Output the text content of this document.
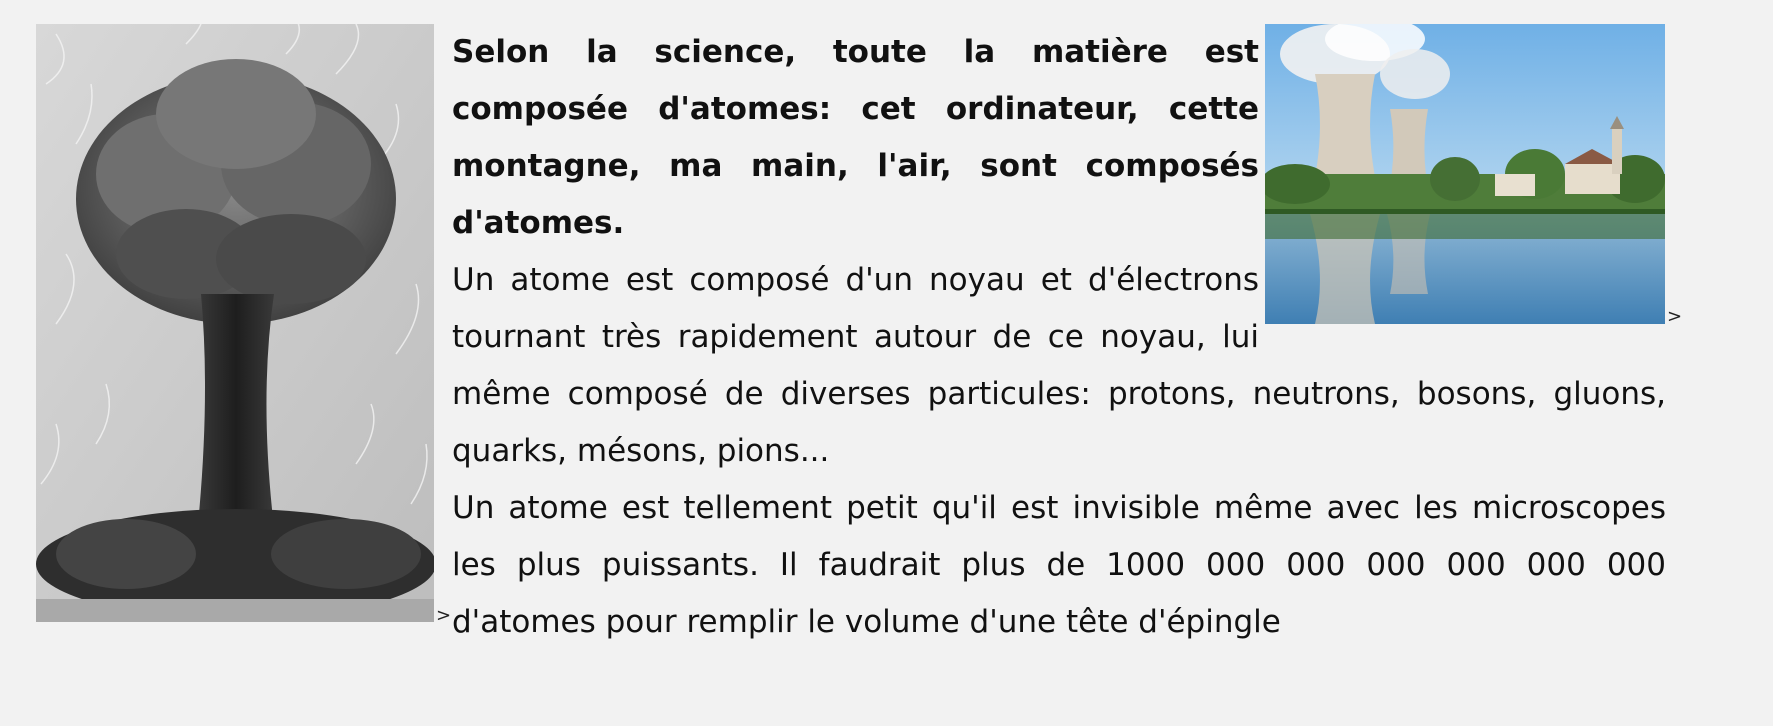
>
>

Selon la science, toute la matière est composée d'atomes: cet ordinateur, cette montagne, ma main, l'air, sont composés d'atomes.

Un atome est composé d'un noyau et d'électrons tournant très rapidement autour de ce noyau, lui même composé de diverses particules: protons, neutrons, bosons, gluons, quarks, mésons, pions...

Un atome est tellement petit qu'il est invisible même avec les microscopes les plus puissants. Il faudrait plus de 1000 000 000 000 000 000 000 d'atomes pour remplir le volume d'une tête d'épingle
